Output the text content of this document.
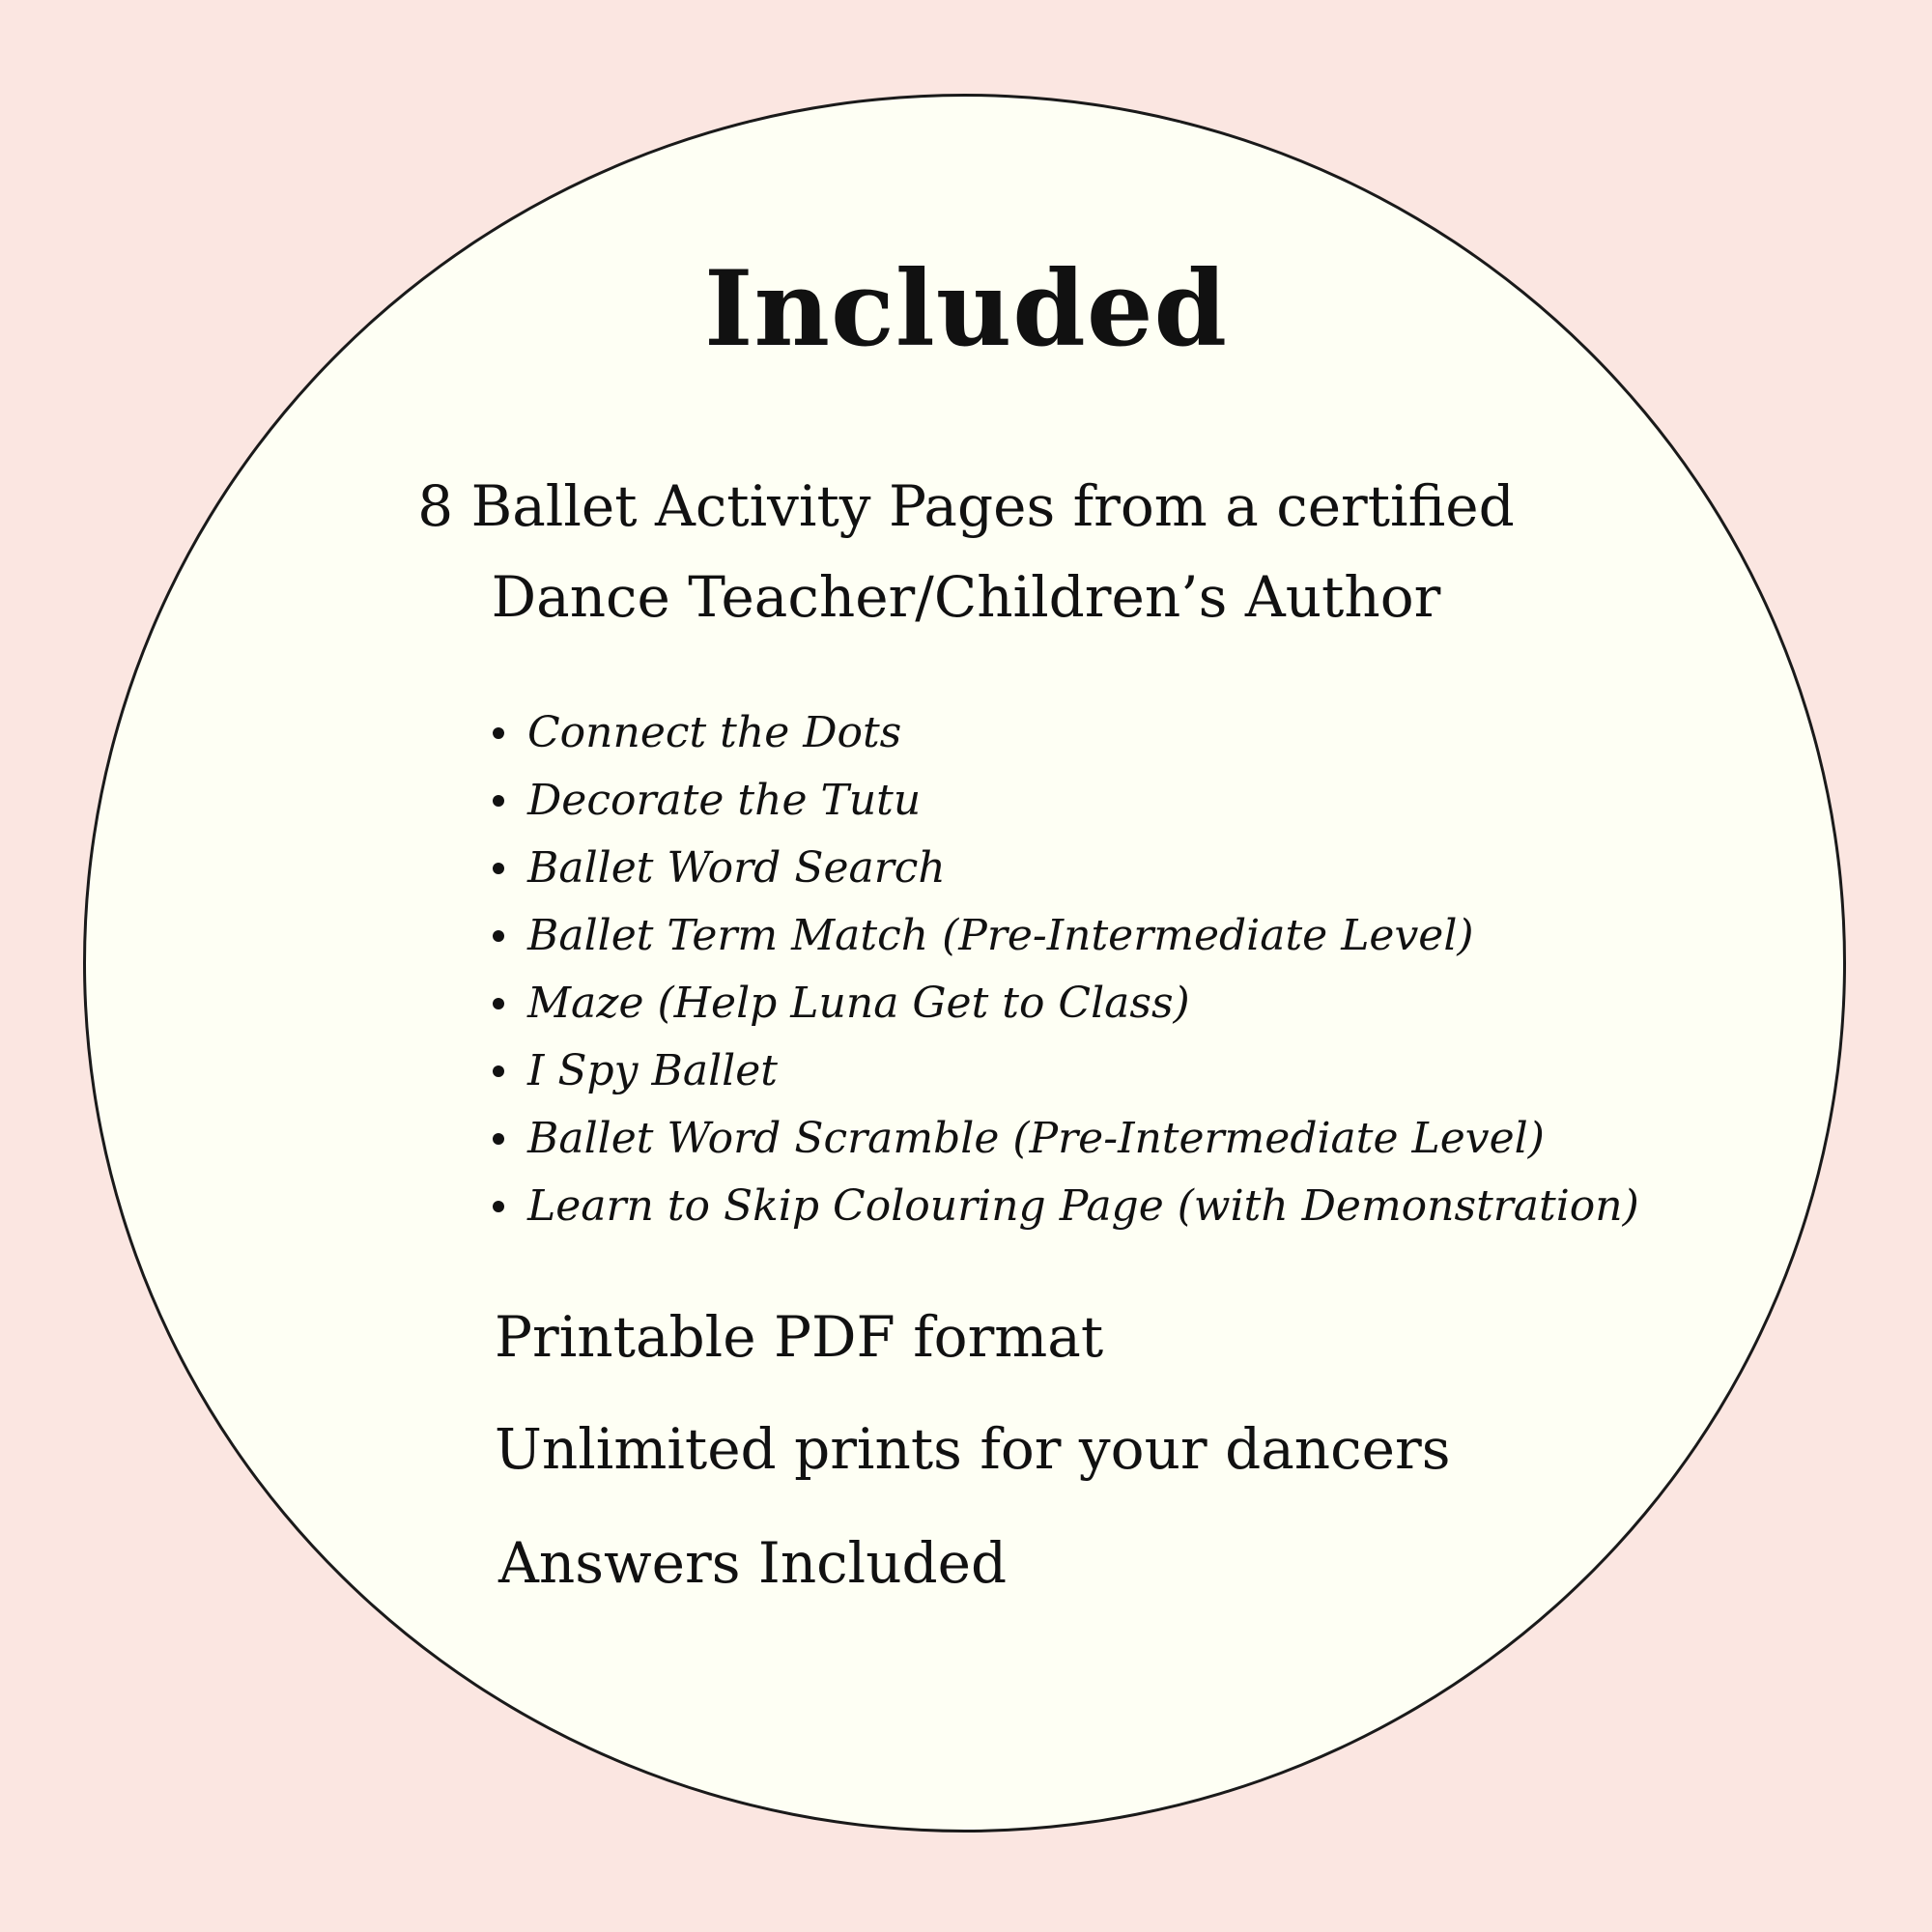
Included
8 Ballet Activity Pages from a certified
Dance Teacher/Children’s Author
Connect the Dots
Decorate the Tutu
Ballet Word Search
Ballet Term Match (Pre-Intermediate Level)
Maze (Help Luna Get to Class)
I Spy Ballet
Ballet Word Scramble (Pre-Intermediate Level)
Learn to Skip Colouring Page (with Demonstration)
Printable PDF format
Unlimited prints for your dancers
Answers Included
